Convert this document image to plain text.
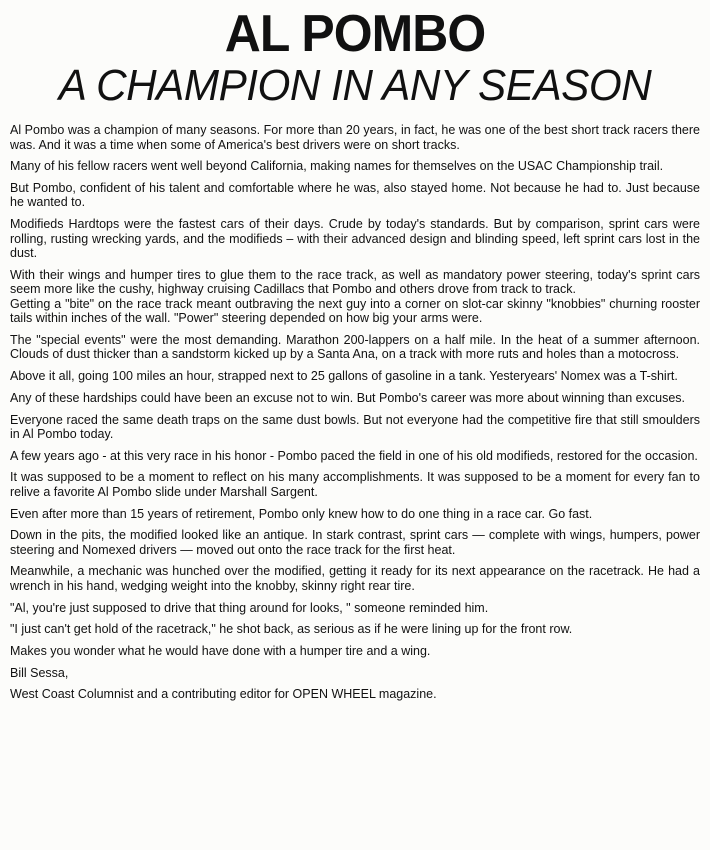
AL POMBO
A CHAMPION IN ANY SEASON

Al Pombo was a champion of many seasons. For more than 20 years, in fact, he was one of the best short track racers there was. And it was a time when some of America's best drivers were on short tracks.

Many of his fellow racers went well beyond California, making names for themselves on the USAC Championship trail.

But Pombo, confident of his talent and comfortable where he was, also stayed home. Not because he had to. Just because he wanted to.

Modifieds Hardtops were the fastest cars of their days. Crude by today's standards. But by comparison, sprint cars were rolling, rusting wrecking yards, and the modifieds – with their advanced design and blinding speed, left sprint cars lost in the dust.

With their wings and humper tires to glue them to the race track, as well as mandatory power steering, today's sprint cars seem more like the cushy, highway cruising Cadillacs that Pombo and others drove from track to track.

Getting a "bite" on the race track meant outbraving the next guy into a corner on slot-car skinny "knobbies" churning rooster tails within inches of the wall. "Power" steering depended on how big your arms were.

The "special events" were the most demanding. Marathon 200-lappers on a half mile. In the heat of a summer afternoon. Clouds of dust thicker than a sandstorm kicked up by a Santa Ana, on a track with more ruts and holes than a motocross.

Above it all, going 100 miles an hour, strapped next to 25 gallons of gasoline in a tank. Yesteryears' Nomex was a T-shirt.

Any of these hardships could have been an excuse not to win. But Pombo's career was more about winning than excuses.

Everyone raced the same death traps on the same dust bowls. But not everyone had the competitive fire that still smoulders in Al Pombo today.

A few years ago - at this very race in his honor - Pombo paced the field in one of his old modifieds, restored for the occasion.

It was supposed to be a moment to reflect on his many accomplishments. It was supposed to be a moment for every fan to relive a favorite Al Pombo slide under Marshall Sargent.

Even after more than 15 years of retirement, Pombo only knew how to do one thing in a race car. Go fast.

Down in the pits, the modified looked like an antique. In stark contrast, sprint cars — complete with wings, humpers, power steering and Nomexed drivers — moved out onto the race track for the first heat.

Meanwhile, a mechanic was hunched over the modified, getting it ready for its next appearance on the racetrack. He had a wrench in his hand, wedging weight into the knobby, skinny right rear tire.

"Al, you're just supposed to drive that thing around for looks, " someone reminded him.

"I just can't get hold of the racetrack," he shot back, as serious as if he were lining up for the front row.

Makes you wonder what he would have done with a humper tire and a wing.

Bill Sessa,

West Coast Columnist and a contributing editor for OPEN WHEEL magazine.
